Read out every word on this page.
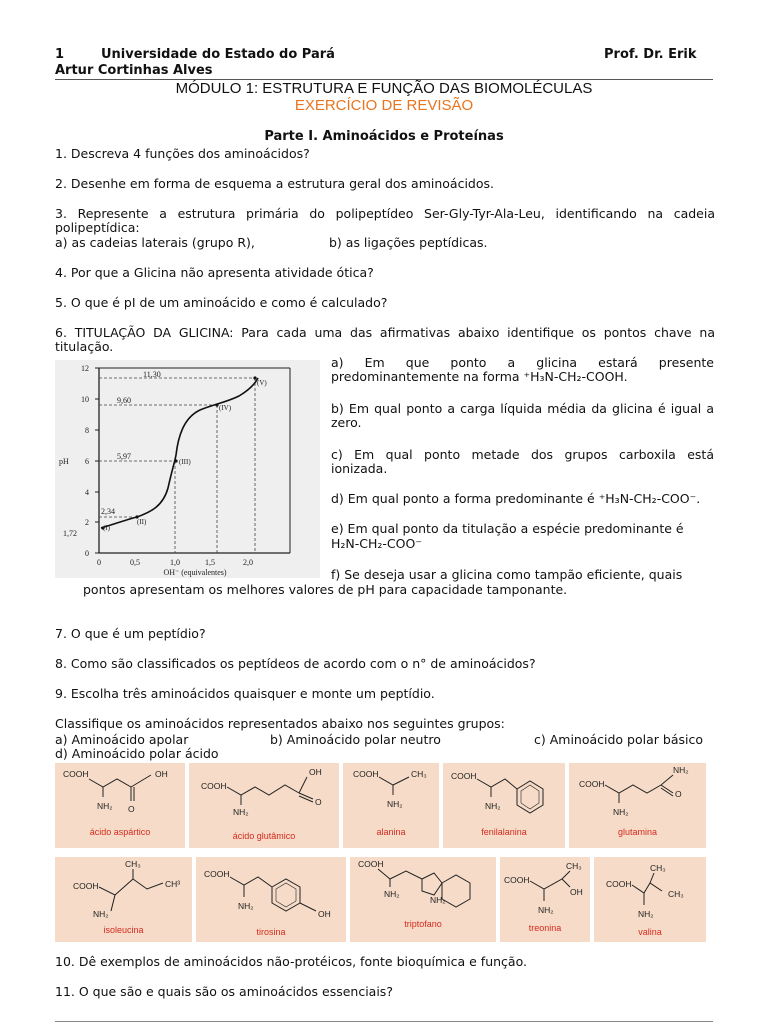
1	Universidade do Estado do Pará	Prof. Dr. Erik
Artur Cortinhas Alves
MÓDULO 1: ESTRUTURA E FUNÇÃO DAS BIOMOLÉCULAS
EXERCÍCIO DE REVISÃO
Parte I. Aminoácidos e Proteínas
1. Descreva 4 funções dos aminoácidos?
2. Desenhe em forma de esquema a estrutura geral dos aminoácidos.
3. Represente a estrutura primária do polipeptídeo Ser-Gly-Tyr-Ala-Leu, identificando na cadeia polipeptídica:
a) as cadeias laterais (grupo R),	b) as ligações peptídicas.
4. Por que a Glicina não apresenta atividade ótica?
5. O que é pI de um aminoácido e como é calculado?
6. TITULAÇÃO DA GLICINA: Para cada uma das afirmativas abaixo identifique os pontos chave na titulação.
0
2
4
6
8
10
12
1,72
pH
0	0,5	1,0	1,5	2,0
OH⁻ (equivalentes)
11,30
9,60
5,97
2,34
(I)
(II)
(III)
(IV)
(V)
a) Em que ponto a glicina estará presente predominantemente na forma ⁺H₃N-CH₂-COOH.
b) Em qual ponto a carga líquida média da glicina é igual a zero.
c) Em qual ponto metade dos grupos carboxila está ionizada.
d) Em qual ponto a forma predominante é ⁺H₃N-CH₂-COO⁻.
e) Em qual ponto da titulação a espécie predominante é
H₂N-CH₂-COO⁻
f) Se deseja usar a glicina como tampão eficiente, quais
pontos apresentam os melhores valores de pH para capacidade tamponante.
7. O que é um peptídio?
8. Como são classificados os peptídeos de acordo com o n° de aminoácidos?
9. Escolha três aminoácidos quaisquer e monte um peptídio.
Classifique os aminoácidos representados abaixo nos seguintes grupos:
a) Aminoácido apolar	b) Aminoácido polar neutro	c) Aminoácido polar básico
d) Aminoácido polar ácido
COOH
NH₂
OH
O
ácido aspártico
COOH
NH₂
OH
O
ácido glutâmico
COOH	CH₃
NH₂
alanina
COOH
NH₂
fenilalanina
COOH
NH₂
O
NH₂
glutamina
CH₃
COOH	CH³
NH₂
isoleucina
COOH
NH₂
OH
tirosina
COOH
NH₂
NH₂
triptofano
CH₃
COOH
OH
NH₂
treonina
CH₃
COOH
CH₃
NH₂
valina
10. Dê exemplos de aminoácidos não-protéicos, fonte bioquímica e função.
11. O que são e quais são os aminoácidos essenciais?
